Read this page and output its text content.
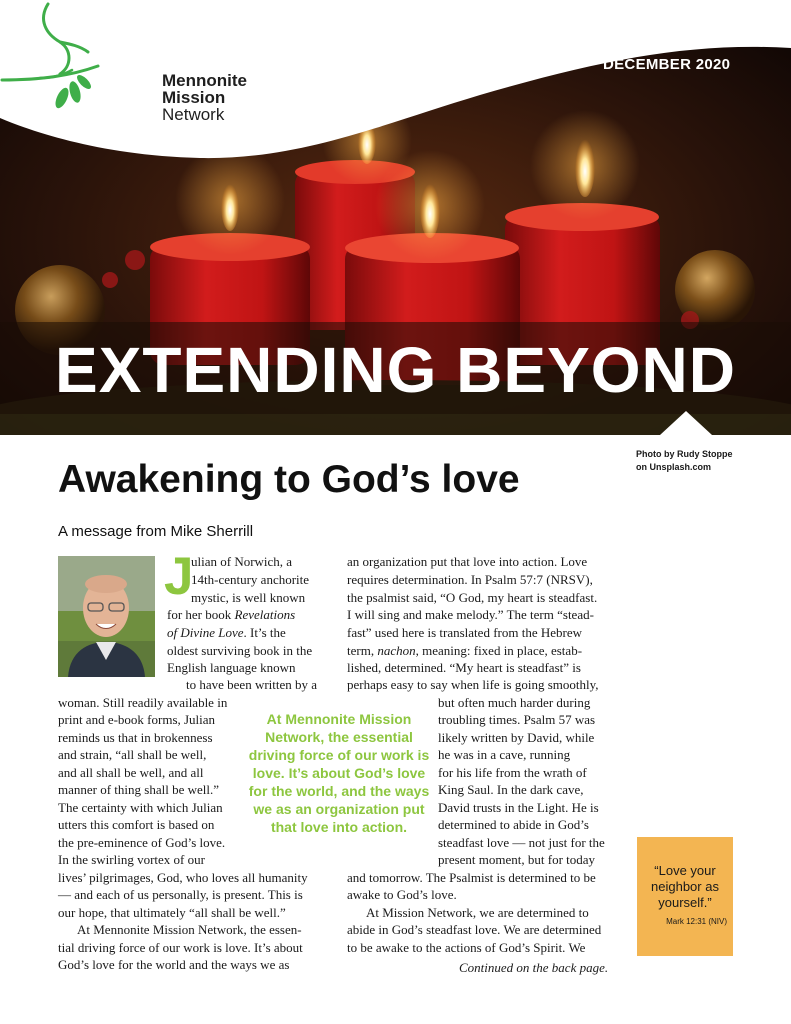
Mennonite
Mission
Network
DECEMBER 2020
EXTENDING BEYOND
Photo by Rudy Stoppe
on Unsplash.com
Awakening to God’s love
A message from Mike Sherrill
J
ulian of Norwich, a
14th-century anchorite
mystic, is well known
for her book Revelations
of Divine Love. It’s the
oldest surviving book in the
English language known
to have been written by a
woman. Still readily available in
print and e-book forms, Julian
reminds us that in brokenness
and strain, “all shall be well,
and all shall be well, and all
manner of thing shall be well.”
The certainty with which Julian
utters this comfort is based on
the pre-eminence of God’s love.
In the swirling vortex of our
lives’ pilgrimages, God, who loves all humanity
— and each of us personally, is present. This is
our hope, that ultimately “all shall be well.”
At Mennonite Mission Network, the essen-
tial driving force of our work is love. It’s about
God’s love for the world and the ways we as
an organization put that love into action. Love
requires determination. In Psalm 57:7 (NRSV),
the psalmist said, “O God, my heart is steadfast.
I will sing and make melody.” The term “stead-
fast” used here is translated from the Hebrew
term, nachon, meaning: fixed in place, estab-
lished, determined. “My heart is steadfast” is
perhaps easy to say when life is going smoothly,
but often much harder during
troubling times. Psalm 57 was
likely written by David, while
he was in a cave, running
for his life from the wrath of
King Saul. In the dark cave,
David trusts in the Light. He is
determined to abide in God’s
steadfast love — not just for the
present moment, but for today
and tomorrow. The Psalmist is determined to be
awake to God’s love.
At Mission Network, we are determined to
abide in God’s steadfast love. We are determined
to be awake to the actions of God’s Spirit. We
Continued on the back page.
At Mennonite Mission Network, the essential driving force of our work is love. It’s about God’s love for the world, and the ways we as an organization put that love into action.
“Love your neighbor as yourself.”
Mark 12:31 (NIV)
